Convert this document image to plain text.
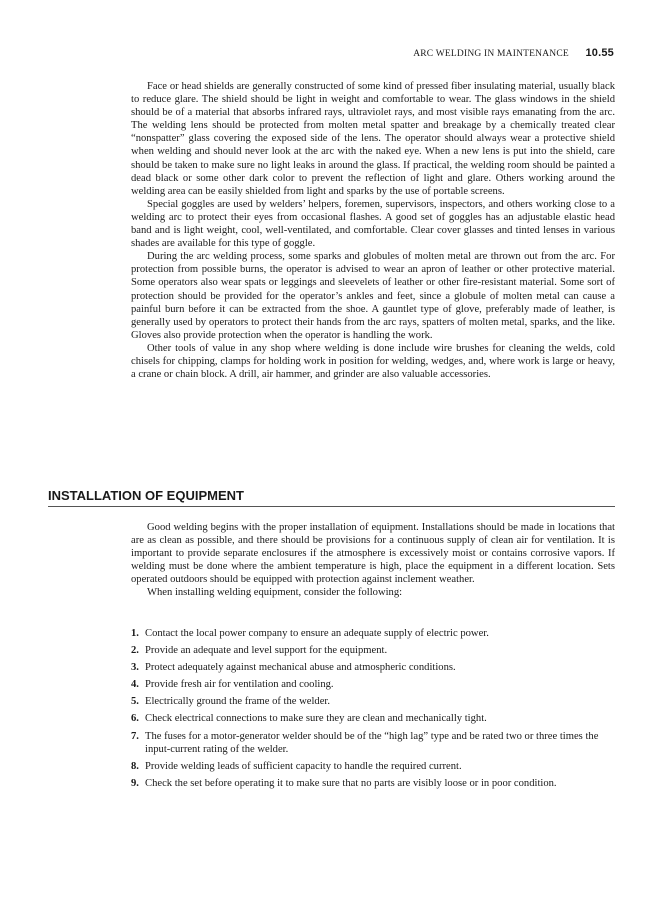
ARC WELDING IN MAINTENANCE 10.55

Face or head shields are generally constructed of some kind of pressed fiber insulating material, usually black to reduce glare. The shield should be light in weight and comfortable to wear. The glass windows in the shield should be of a material that absorbs infrared rays, ultraviolet rays, and most visible rays emanating from the arc. The welding lens should be protected from molten metal spatter and breakage by a chemically treated clear “nonspatter” glass covering the exposed side of the lens. The operator should always wear a protective shield when welding and should never look at the arc with the naked eye. When a new lens is put into the shield, care should be taken to make sure no light leaks in around the glass. If practical, the welding room should be painted a dead black or some other dark color to prevent the reflection of light and glare. Others working around the welding area can be easily shielded from light and sparks by the use of portable screens.

Special goggles are used by welders’ helpers, foremen, supervisors, inspectors, and others working close to a welding arc to protect their eyes from occasional flashes. A good set of goggles has an adjustable elastic head band and is light weight, cool, well-ventilated, and comfortable. Clear cover glasses and tinted lenses in various shades are available for this type of goggle.

During the arc welding process, some sparks and globules of molten metal are thrown out from the arc. For protection from possible burns, the operator is advised to wear an apron of leather or other protective material. Some operators also wear spats or leggings and sleevelets of leather or other fire-resistant material. Some sort of protection should be provided for the operator’s ankles and feet, since a globule of molten metal can cause a painful burn before it can be extracted from the shoe. A gauntlet type of glove, preferably made of leather, is generally used by operators to protect their hands from the arc rays, spatters of molten metal, sparks, and the like. Gloves also provide protection when the operator is handling the work.

Other tools of value in any shop where welding is done include wire brushes for cleaning the welds, cold chisels for chipping, clamps for holding work in position for welding, wedges, and, where work is large or heavy, a crane or chain block. A drill, air hammer, and grinder are also valuable accessories.

INSTALLATION OF EQUIPMENT

Good welding begins with the proper installation of equipment. Installations should be made in locations that are as clean as possible, and there should be provisions for a continuous supply of clean air for ventilation. It is important to provide separate enclosures if the atmosphere is excessively moist or contains corrosive vapors. If welding must be done where the ambient temperature is high, place the equipment in a different location. Sets operated outdoors should be equipped with protection against inclement weather.

When installing welding equipment, consider the following:

1. Contact the local power company to ensure an adequate supply of electric power.
2. Provide an adequate and level support for the equipment.
3. Protect adequately against mechanical abuse and atmospheric conditions.
4. Provide fresh air for ventilation and cooling.
5. Electrically ground the frame of the welder.
6. Check electrical connections to make sure they are clean and mechanically tight.
7. The fuses for a motor-generator welder should be of the “high lag” type and be rated two or three times the input-current rating of the welder.
8. Provide welding leads of sufficient capacity to handle the required current.
9. Check the set before operating it to make sure that no parts are visibly loose or in poor condition.
